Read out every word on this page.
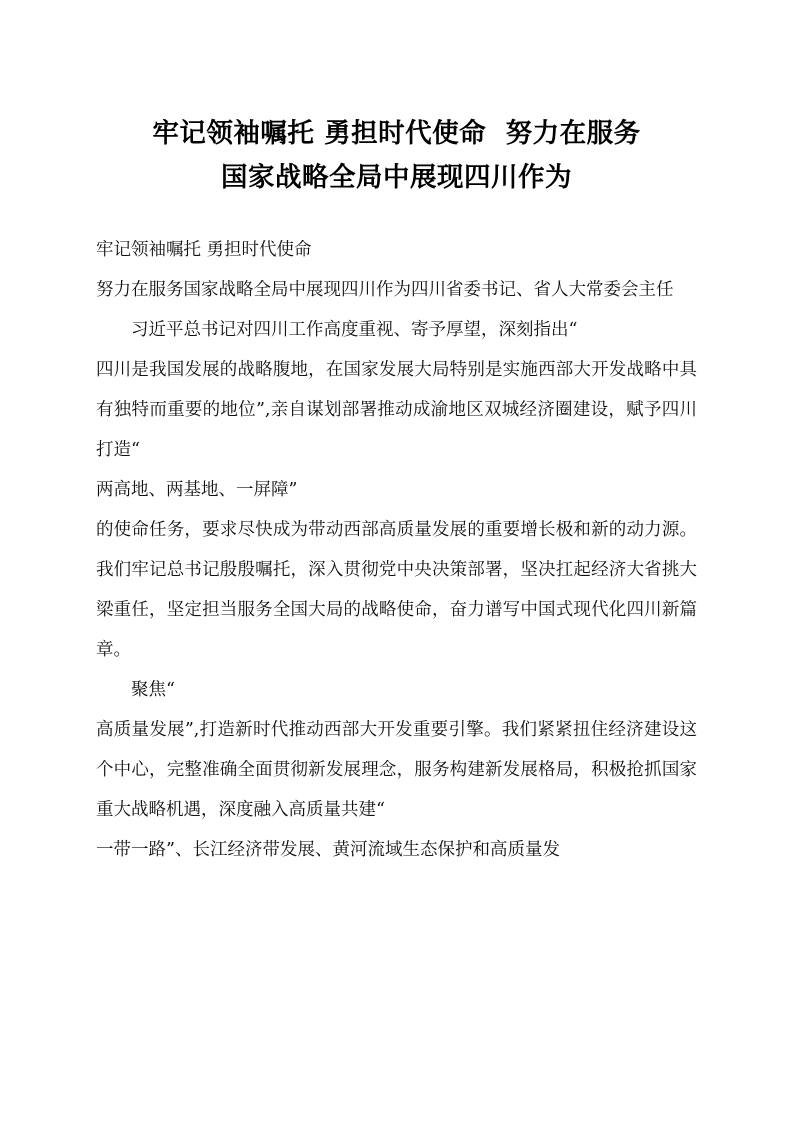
牢记领袖嘱托 勇担时代使命  努力在服务
国家战略全局中展现四川作为

牢记领袖嘱托 勇担时代使命

努力在服务国家战略全局中展现四川作为四川省委书记、省人大常委会主任

习近平总书记对四川工作高度重视、寄予厚望，深刻指出“

四川是我国发展的战略腹地，在国家发展大局特别是实施西部大开发战略中具有独特而重要的地位”,亲自谋划部署推动成渝地区双城经济圈建设，赋予四川打造“

两高地、两基地、一屏障”

的使命任务，要求尽快成为带动西部高质量发展的重要增长极和新的动力源。我们牢记总书记殷殷嘱托，深入贯彻党中央决策部署，坚决扛起经济大省挑大梁重任，坚定担当服务全国大局的战略使命，奋力谱写中国式现代化四川新篇章。

聚焦“

高质量发展”,打造新时代推动西部大开发重要引擎。我们紧紧扭住经济建设这个中心，完整准确全面贯彻新发展理念，服务构建新发展格局，积极抢抓国家重大战略机遇，深度融入高质量共建“

一带一路”、长江经济带发展、黄河流域生态保护和高质量发
